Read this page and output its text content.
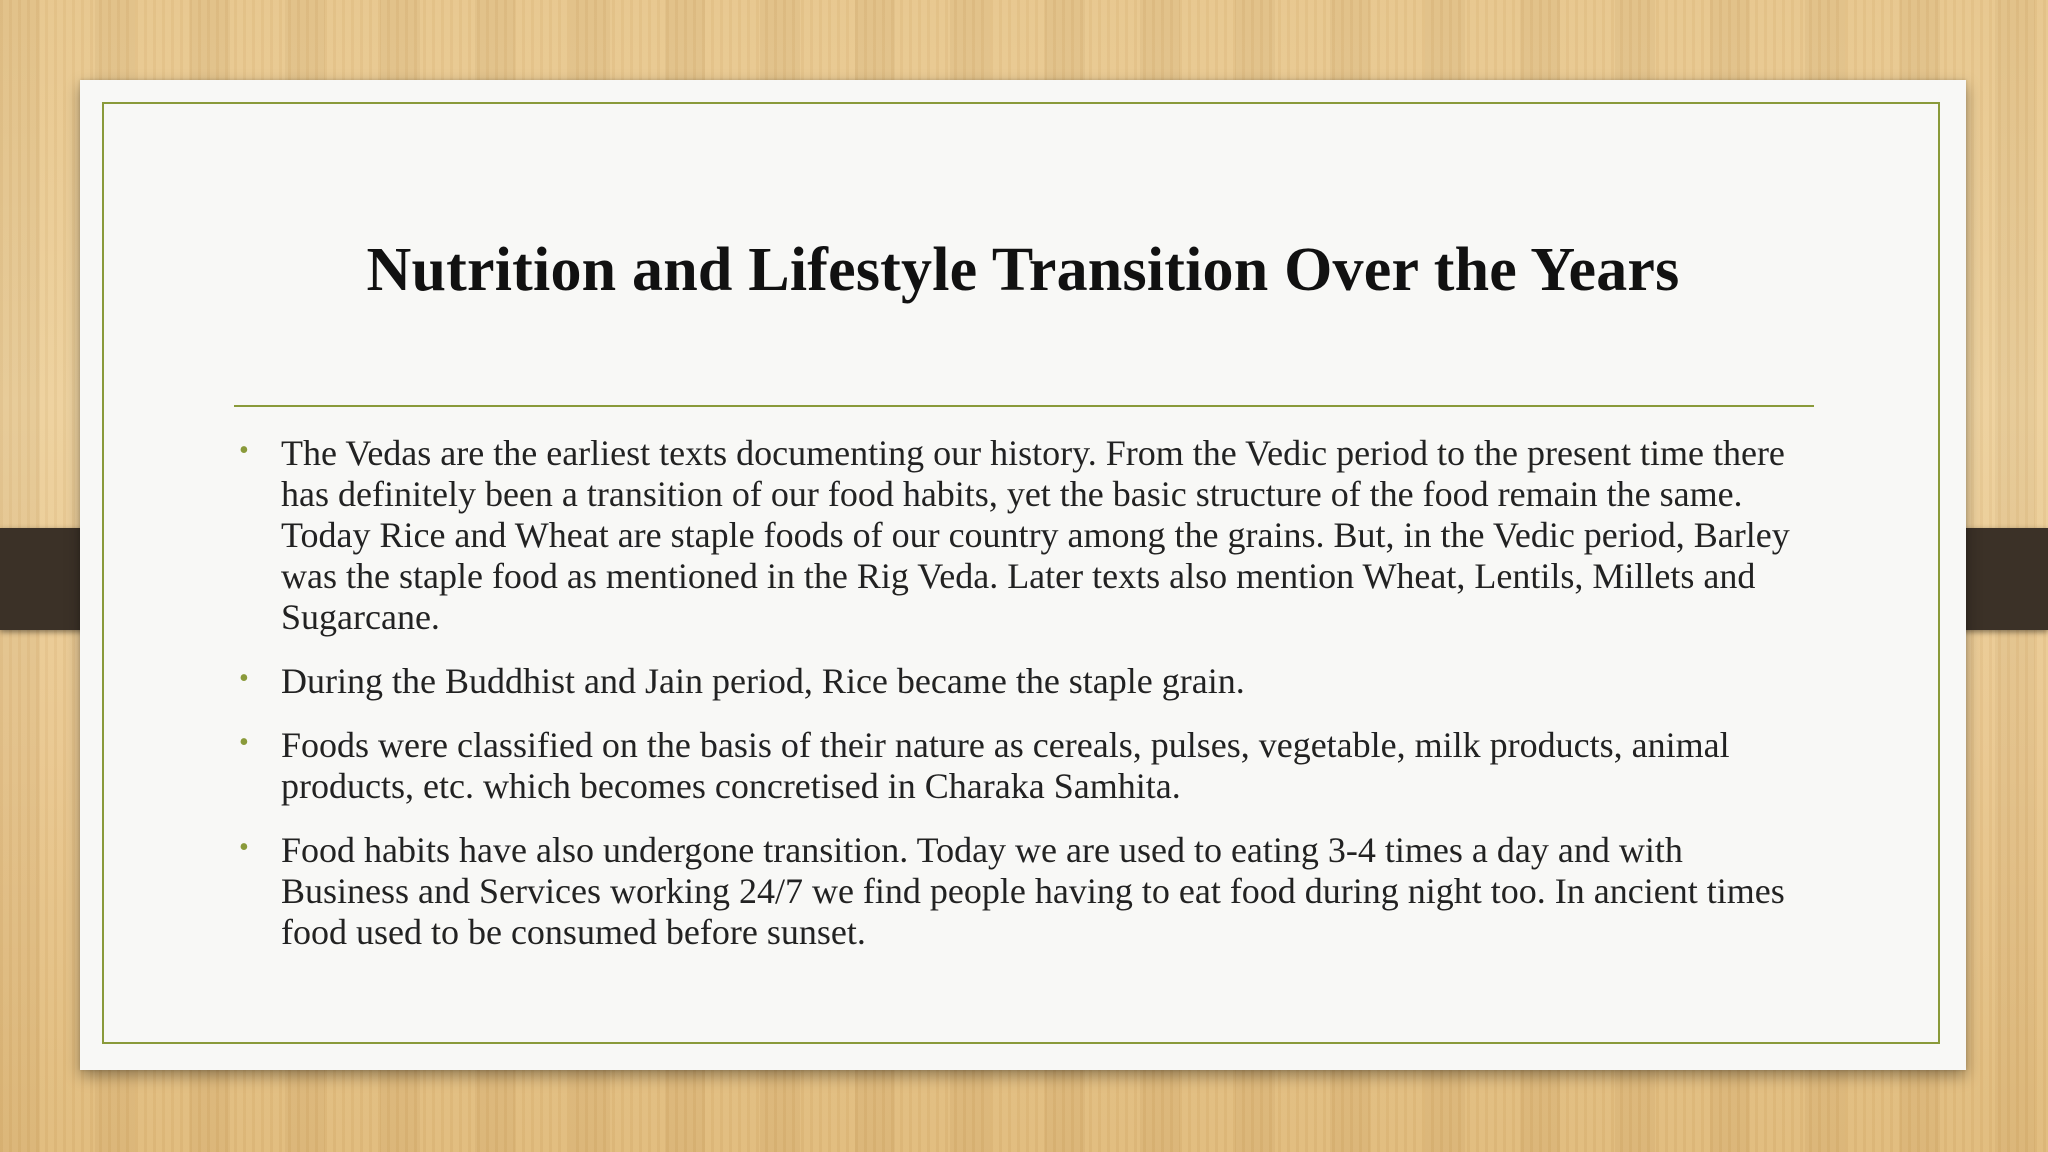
Nutrition and Lifestyle Transition Over the Years
• The Vedas are the earliest texts documenting our history. From the Vedic period to the present time there has definitely been a transition of our food habits, yet the basic structure of the food remain the same. Today Rice and Wheat are staple foods of our country among the grains. But, in the Vedic period, Barley was the staple food as mentioned in the Rig Veda. Later texts also mention Wheat, Lentils, Millets and Sugarcane.
• During the Buddhist and Jain period, Rice became the staple grain.
• Foods were classified on the basis of their nature as cereals, pulses, vegetable, milk products, animal products, etc. which becomes concretised in Charaka Samhita.
• Food habits have also undergone transition. Today we are used to eating 3-4 times a day and with Business and Services working 24/7 we find people having to eat food during night too. In ancient times food used to be consumed before sunset.
